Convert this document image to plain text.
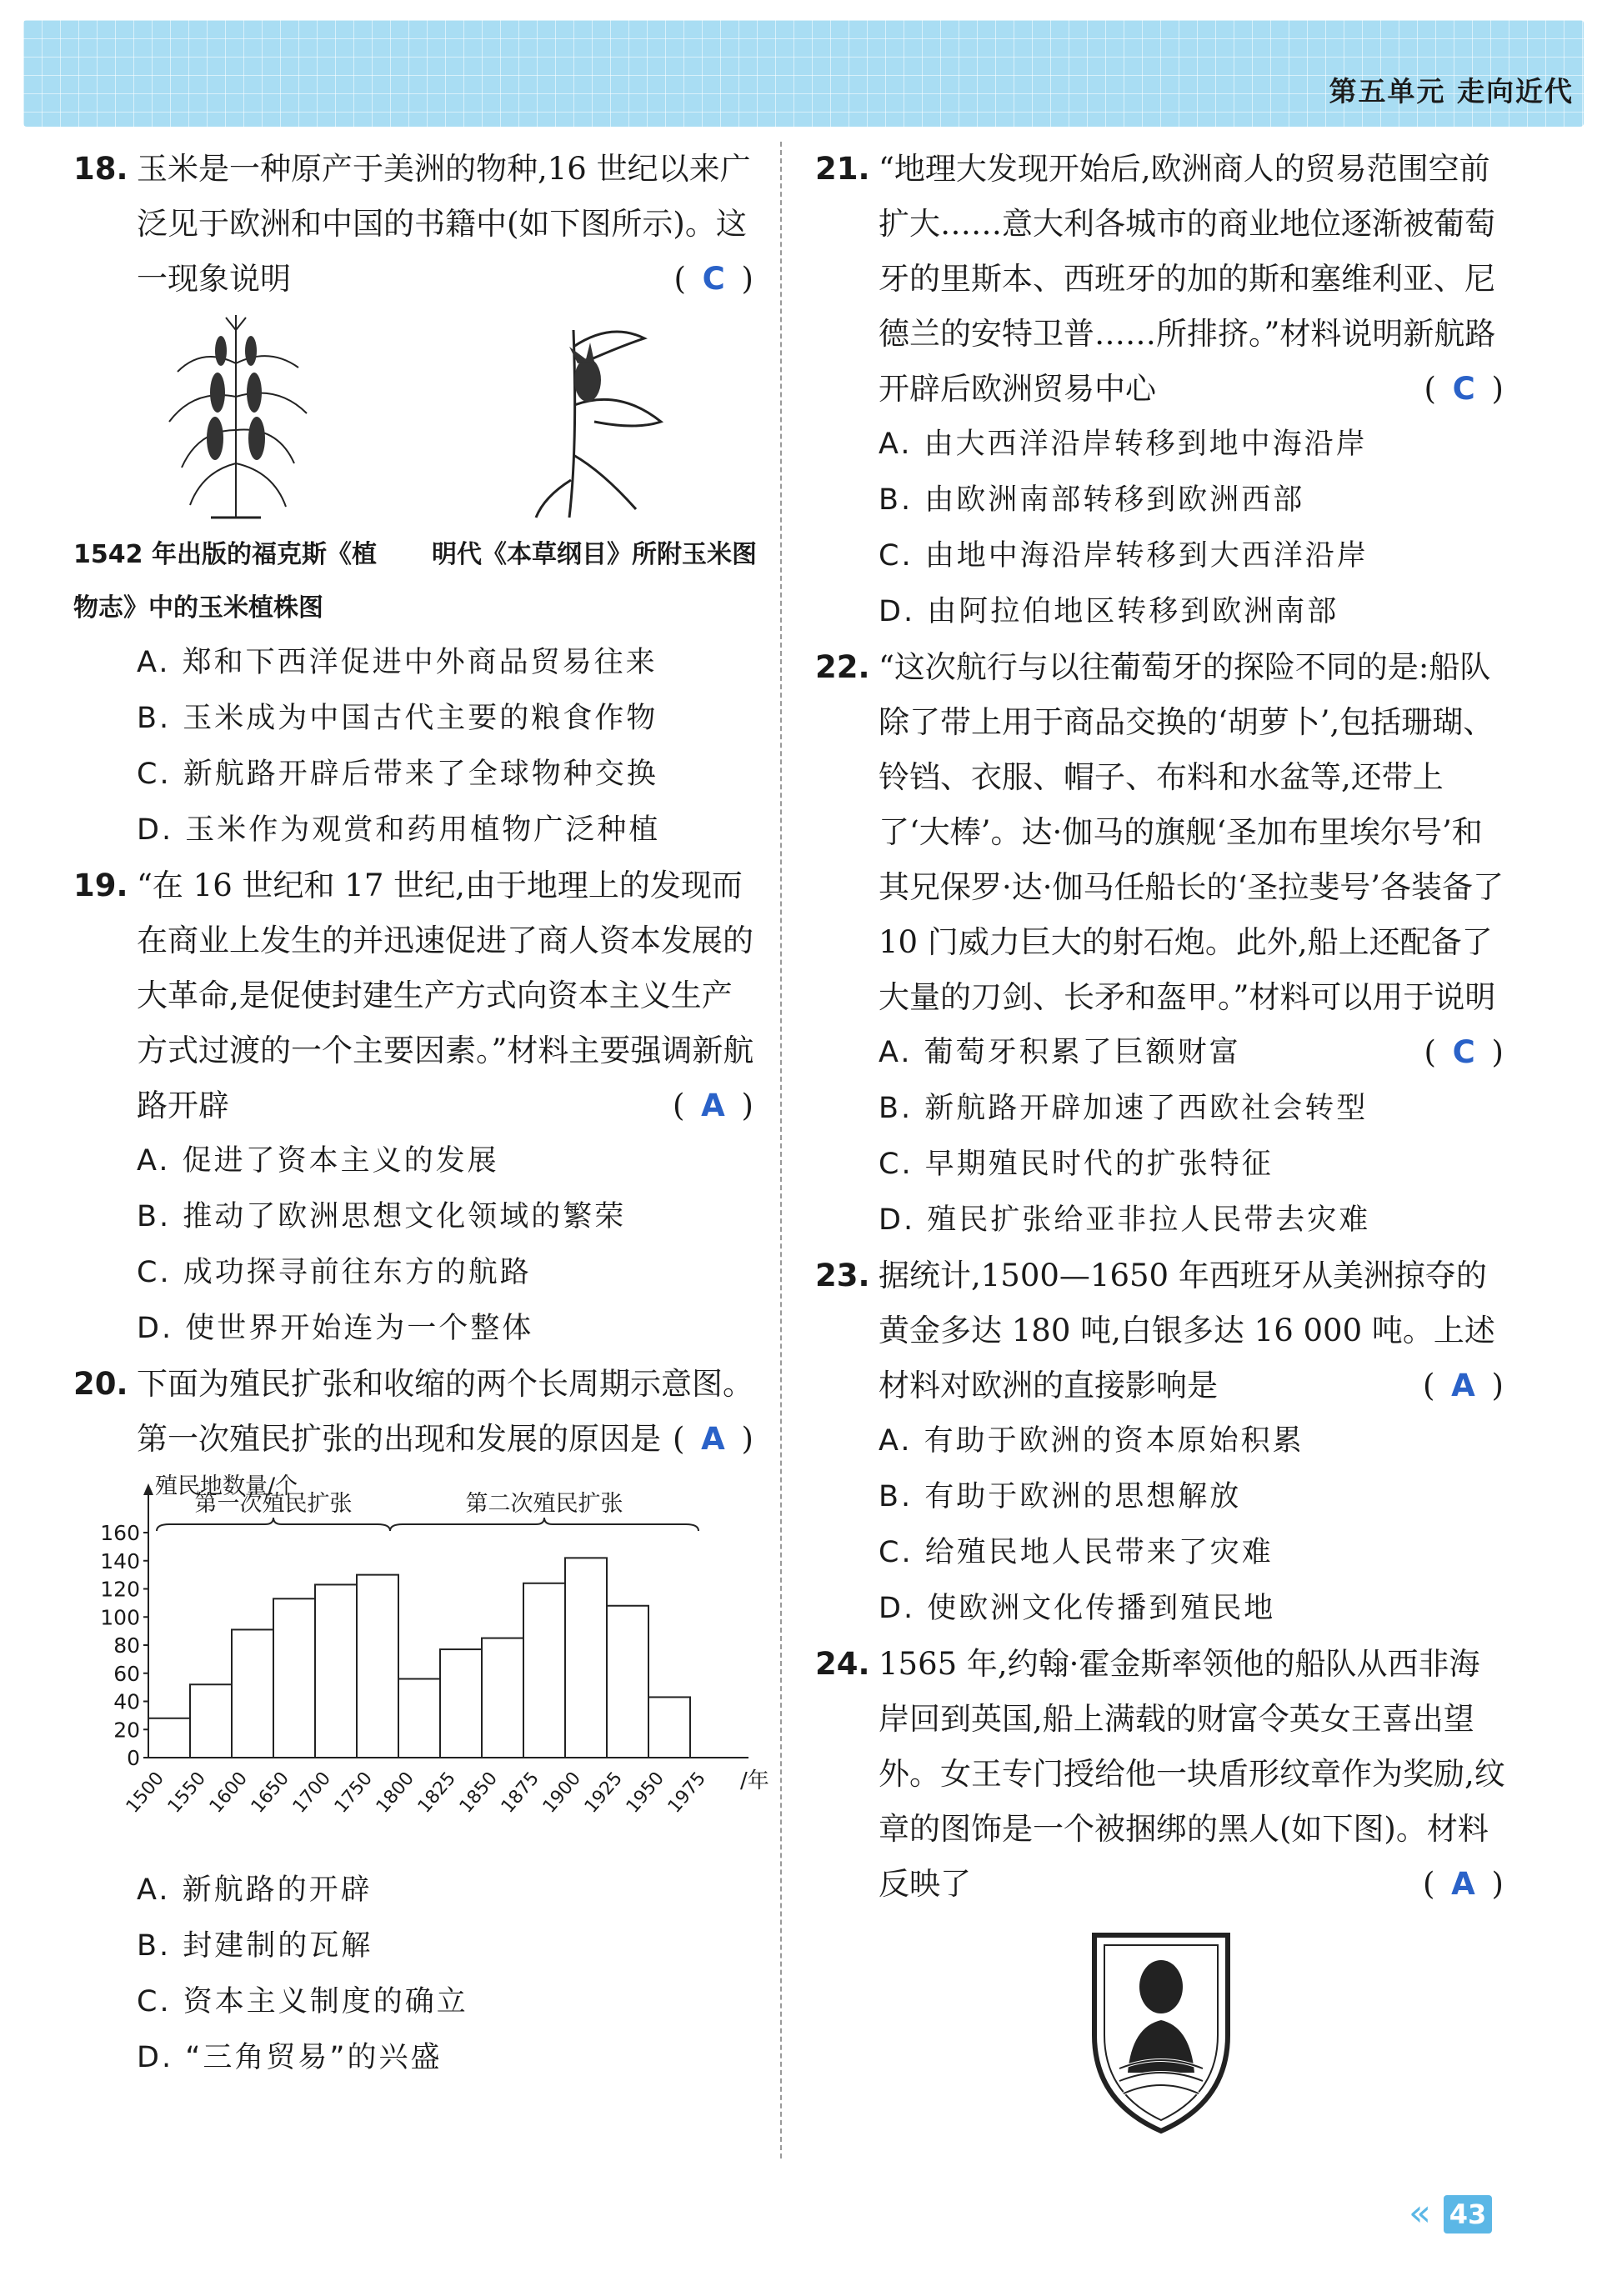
第五单元 走向近代
18. 玉米是一种原产于美洲的物种,16 世纪以来广泛见于欧洲和中国的书籍中(如下图所示)。这一现象说明	( C )
1542 年出版的福克斯《植物志》中的玉米植株图
明代《本草纲目》所附玉米图
A. 郑和下西洋促进中外商品贸易往来
B. 玉米成为中国古代主要的粮食作物
C. 新航路开辟后带来了全球物种交换
D. 玉米作为观赏和药用植物广泛种植
19. “在 16 世纪和 17 世纪,由于地理上的发现而在商业上发生的并迅速促进了商人资本发展的大革命,是促使封建生产方式向资本主义生产方式过渡的一个主要因素。”材料主要强调新航路开辟	( A )
A. 促进了资本主义的发展
B. 推动了欧洲思想文化领域的繁荣
C. 成功探寻前往东方的航路
D. 使世界开始连为一个整体
20. 下面为殖民扩张和收缩的两个长周期示意图。第一次殖民扩张的出现和发展的原因是 ( A )
殖民地数量/个
0
20
40
60
80
100
120
140
160
1500
1550
1600
1650
1700
1750
1800
1825
1850
1875
1900
1925
1950
1975 /年
第一次殖民扩张	第二次殖民扩张
A. 新航路的开辟
B. 封建制的瓦解
C. 资本主义制度的确立
D. “三角贸易”的兴盛
21. “地理大发现开始后,欧洲商人的贸易范围空前扩大……意大利各城市的商业地位逐渐被葡萄牙的里斯本、西班牙的加的斯和塞维利亚、尼德兰的安特卫普……所排挤。”材料说明新航路开辟后欧洲贸易中心	( C )
A. 由大西洋沿岸转移到地中海沿岸
B. 由欧洲南部转移到欧洲西部
C. 由地中海沿岸转移到大西洋沿岸
D. 由阿拉伯地区转移到欧洲南部
22. “这次航行与以往葡萄牙的探险不同的是:船队除了带上用于商品交换的‘胡萝卜’,包括珊瑚、铃铛、衣服、帽子、布料和水盆等,还带上了‘大棒’。达·伽马的旗舰‘圣加布里埃尔号’和其兄保罗·达·伽马任船长的‘圣拉斐号’各装备了 10 门威力巨大的射石炮。此外,船上还配备了大量的刀剑、长矛和盔甲。”材料可以用于说明
( C )
A. 葡萄牙积累了巨额财富
B. 新航路开辟加速了西欧社会转型
C. 早期殖民时代的扩张特征
D. 殖民扩张给亚非拉人民带去灾难
23. 据统计,1500—1650 年西班牙从美洲掠夺的黄金多达 180 吨,白银多达 16 000 吨。上述材料对欧洲的直接影响是	( A )
A. 有助于欧洲的资本原始积累
B. 有助于欧洲的思想解放
C. 给殖民地人民带来了灾难
D. 使欧洲文化传播到殖民地
24. 1565 年,约翰·霍金斯率领他的船队从西非海岸回到英国,船上满载的财富令英女王喜出望外。女王专门授给他一块盾形纹章作为奖励,纹章的图饰是一个被捆绑的黑人(如下图)。材料反映了	( A )
« 43
